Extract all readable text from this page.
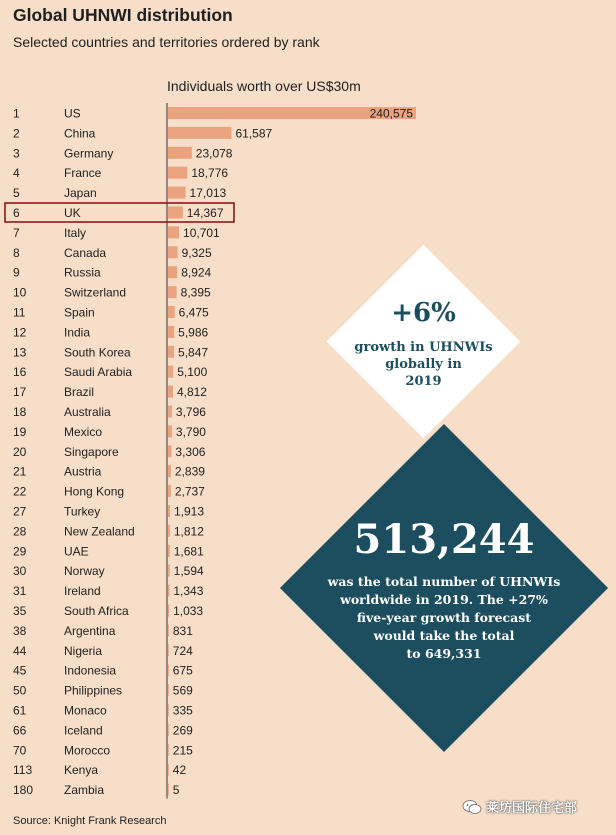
Global UHNWI distribution
Selected countries and territories ordered by rank
Individuals worth over US$30m
1	US	240,575
2	China	61,587
3	Germany	23,078
4	France	18,776
5	Japan	17,013
6	UK	14,367
7	Italy	10,701
8	Canada	9,325
9	Russia	8,924
10	Switzerland	8,395
11	Spain	6,475
12	India	5,986
13	South Korea	5,847
16	Saudi Arabia	5,100
17	Brazil	4,812
18	Australia	3,796
19	Mexico	3,790
20	Singapore	3,306
21	Austria	2,839
22	Hong Kong	2,737
27	Turkey	1,913
28	New Zealand	1,812
29	UAE	1,681
30	Norway	1,594
31	Ireland	1,343
35	South Africa	1,033
38	Argentina	831
44	Nigeria	724
45	Indonesia	675
50	Philippines	569
61	Monaco	335
66	Iceland	269
70	Morocco	215
113	Kenya	42
180	Zambia	5
+6%
growth in UHNWIs
globally in
2019
513,244
was the total number of UHNWIs
worldwide in 2019. The +27%
five-year growth forecast
would take the total
to 649,331
Source: Knight Frank Research
莱坊国际住宅部
